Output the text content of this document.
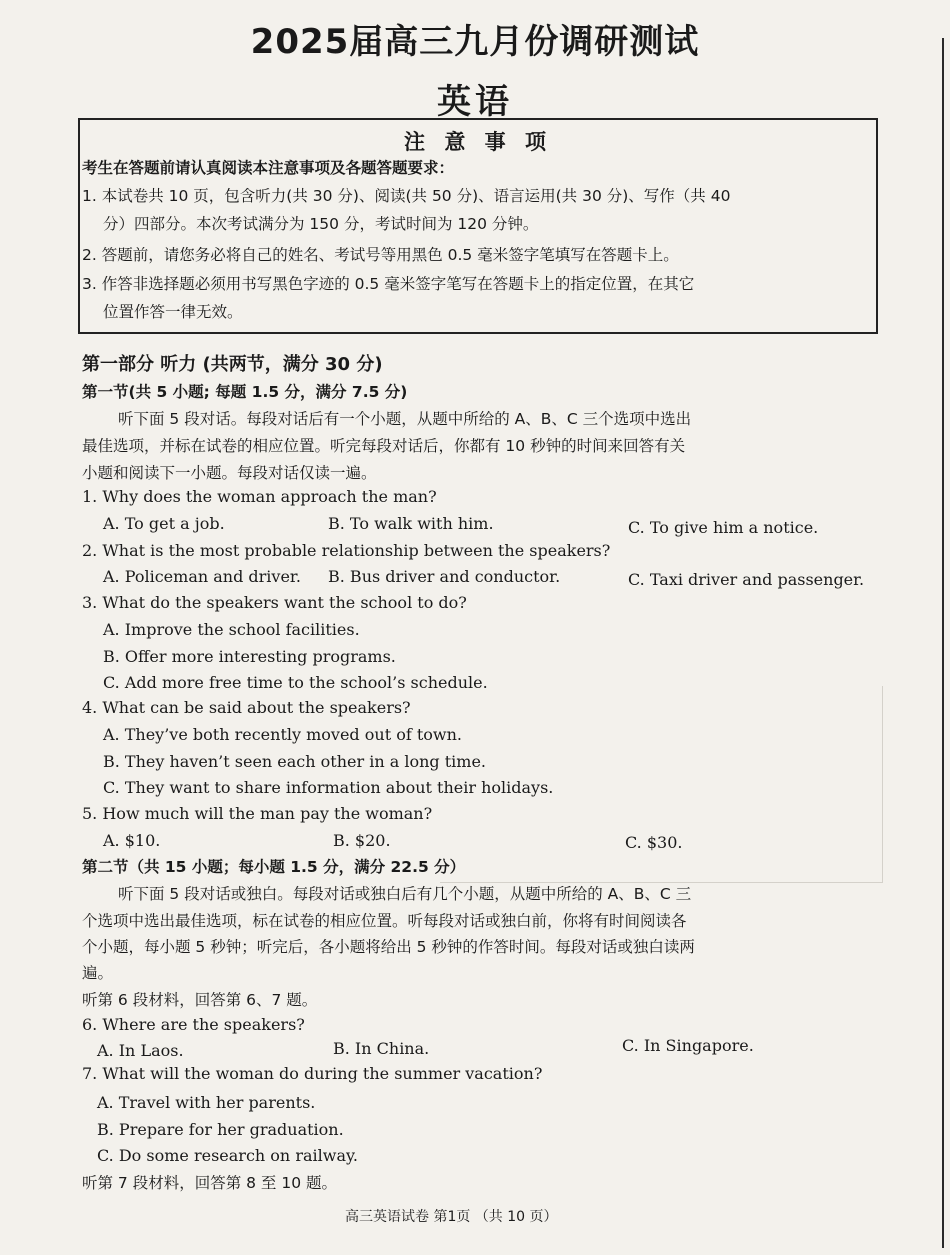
2025届高三九月份调研测试
英语
注 意 事 项
考生在答题前请认真阅读本注意事项及各题答题要求：
1. 本试卷共 10 页，包含听力(共 30 分)、阅读(共 50 分)、语言运用(共 30 分)、写作（共 40
分）四部分。本次考试满分为 150 分，考试时间为 120 分钟。
2. 答题前，请您务必将自己的姓名、考试号等用黑色 0.5 毫米签字笔填写在答题卡上。
3. 作答非选择题必须用书写黑色字迹的 0.5 毫米签字笔写在答题卡上的指定位置，在其它
位置作答一律无效。
第一部分 听力 (共两节，满分 30 分)
第一节(共 5 小题; 每题 1.5 分，满分 7.5 分)
听下面 5 段对话。每段对话后有一个小题，从题中所给的 A、B、C 三个选项中选出
最佳选项，并标在试卷的相应位置。听完每段对话后，你都有 10 秒钟的时间来回答有关
小题和阅读下一小题。每段对话仅读一遍。
1. Why does the woman approach the man?
A. To get a job.	B. To walk with him.	C. To give him a notice.
2. What is the most probable relationship between the speakers?
A. Policeman and driver. B. Bus driver and conductor.	C. Taxi driver and passenger.
3. What do the speakers want the school to do?
A. Improve the school facilities.
B. Offer more interesting programs.
C. Add more free time to the school’s schedule.
4. What can be said about the speakers?
A. They’ve both recently moved out of town.
B. They haven’t seen each other in a long time.
C. They want to share information about their holidays.
5. How much will the man pay the woman?
A. $10.	B. $20.	C. $30.
第二节（共 15 小题；每小题 1.5 分，满分 22.5 分）
听下面 5 段对话或独白。每段对话或独白后有几个小题，从题中所给的 A、B、C 三
个选项中选出最佳选项，标在试卷的相应位置。听每段对话或独白前，你将有时间阅读各
个小题，每小题 5 秒钟；听完后，各小题将给出 5 秒钟的作答时间。每段对话或独白读两
遍。
听第 6 段材料，回答第 6、7 题。
6. Where are the speakers?
A. In Laos.	B. In China.	C. In Singapore.
7. What will the woman do during the summer vacation?
A. Travel with her parents.
B. Prepare for her graduation.
C. Do some research on railway.
听第 7 段材料，回答第 8 至 10 题。
高三英语试卷 第1页 （共 10 页）
